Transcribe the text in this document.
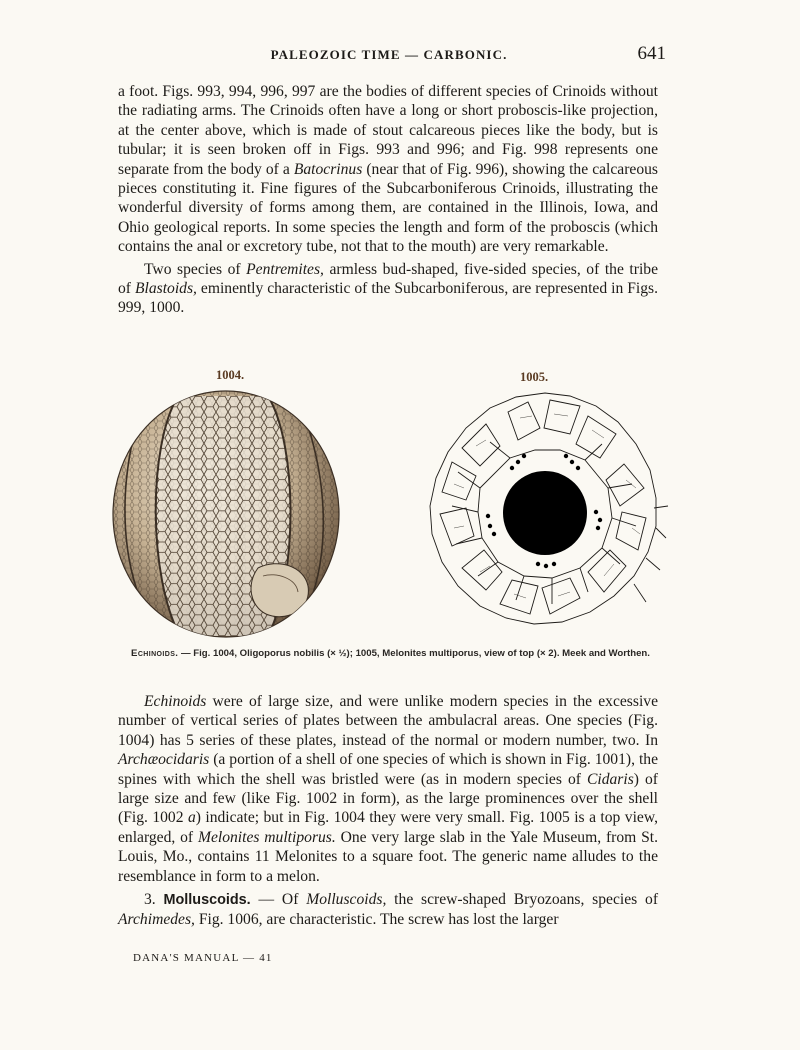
PALEOZOIC TIME — CARBONIC.	641

a foot. Figs. 993, 994, 996, 997 are the bodies of different species of Crinoids without the radiating arms. The Crinoids often have a long or short proboscis-like projection, at the center above, which is made of stout calcareous pieces like the body, but is tubular; it is seen broken off in Figs. 993 and 996; and Fig. 998 represents one separate from the body of a Batocrinus (near that of Fig. 996), showing the calcareous pieces constituting it. Fine figures of the Subcarboniferous Crinoids, illustrating the wonderful diversity of forms among them, are contained in the Illinois, Iowa, and Ohio geological reports. In some species the length and form of the proboscis (which contains the anal or excretory tube, not that to the mouth) are very remarkable.

Two species of Pentremites, armless bud-shaped, five-sided species, of the tribe of Blastoids, eminently characteristic of the Subcarboniferous, are represented in Figs. 999, 1000.

1004.	1005.
Echinoids. — Fig. 1004, Oligoporus nobilis (× ½); 1005, Melonites multiporus, view of top (× 2). Meek and Worthen.

Echinoids were of large size, and were unlike modern species in the excessive number of vertical series of plates between the ambulacral areas. One species (Fig. 1004) has 5 series of these plates, instead of the normal or modern number, two. In Archæocidaris (a portion of a shell of one species of which is shown in Fig. 1001), the spines with which the shell was bristled were (as in modern species of Cidaris) of large size and few (like Fig. 1002 in form), as the large prominences over the shell (Fig. 1002 a) indicate; but in Fig. 1004 they were very small. Fig. 1005 is a top view, enlarged, of Melonites multiporus. One very large slab in the Yale Museum, from St. Louis, Mo., contains 11 Melonites to a square foot. The generic name alludes to the resemblance in form to a melon.

3. Molluscoids. — Of Molluscoids, the screw-shaped Bryozoans, species of Archimedes, Fig. 1006, are characteristic. The screw has lost the larger

DANA'S MANUAL — 41
